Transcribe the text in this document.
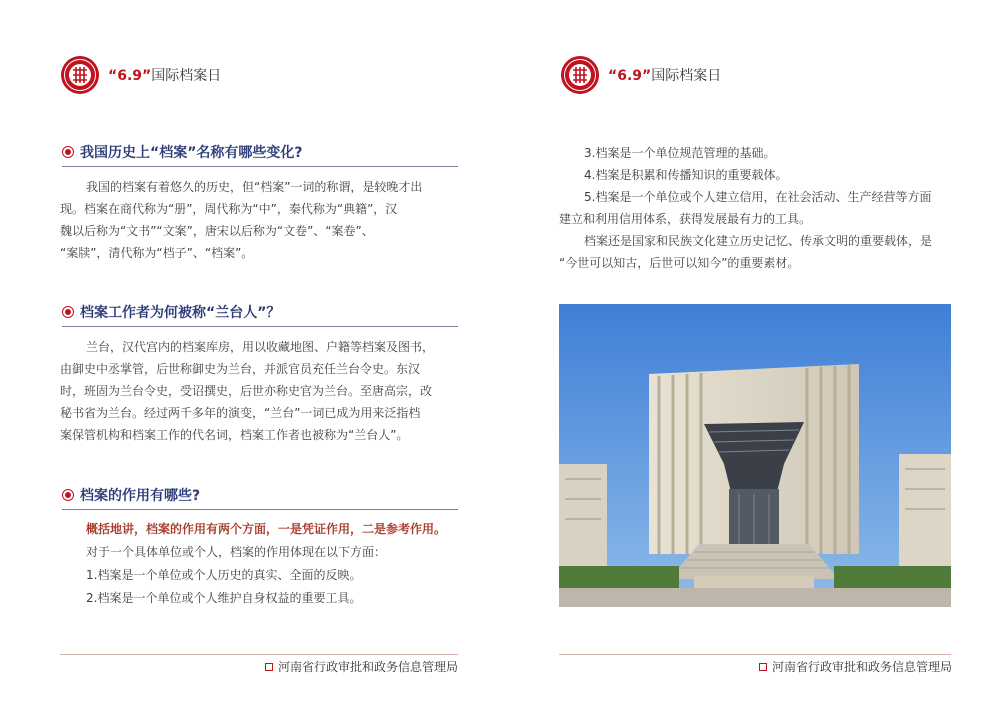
“6.9”国际档案日
我国历史上“档案”名称有哪些变化?
我国的档案有着悠久的历史，但“档案”一词的称谓，是较晚才出
现。档案在商代称为“册”，周代称为“中”，秦代称为“典籍”，汉
魏以后称为“文书”“文案”，唐宋以后称为“文卷”、“案卷”、
“案牍”，清代称为“档子”、“档案”。
档案工作者为何被称“兰台人”？
兰台，汉代宫内的档案库房，用以收藏地图、户籍等档案及图书，
由御史中丞掌管，后世称御史为兰台，并派官员充任兰台令史。东汉
时，班固为兰台令史，受诏撰史，后世亦称史官为兰台。至唐高宗，改
秘书省为兰台。经过两千多年的演变，“兰台”一词已成为用来泛指档
案保管机构和档案工作的代名词，档案工作者也被称为“兰台人”。
档案的作用有哪些?
概括地讲，档案的作用有两个方面，一是凭证作用，二是参考作用。
对于一个具体单位或个人，档案的作用体现在以下方面：
1.档案是一个单位或个人历史的真实、全面的反映。
2.档案是一个单位或个人维护自身权益的重要工具。
河南省行政审批和政务信息管理局
“6.9”国际档案日
3.档案是一个单位规范管理的基础。
4.档案是积累和传播知识的重要载体。
5.档案是一个单位或个人建立信用，在社会活动、生产经营等方面
建立和利用信用体系，获得发展最有力的工具。
档案还是国家和民族文化建立历史记忆、传承文明的重要载体，是
“今世可以知古，后世可以知今”的重要素材。
河南省行政审批和政务信息管理局
